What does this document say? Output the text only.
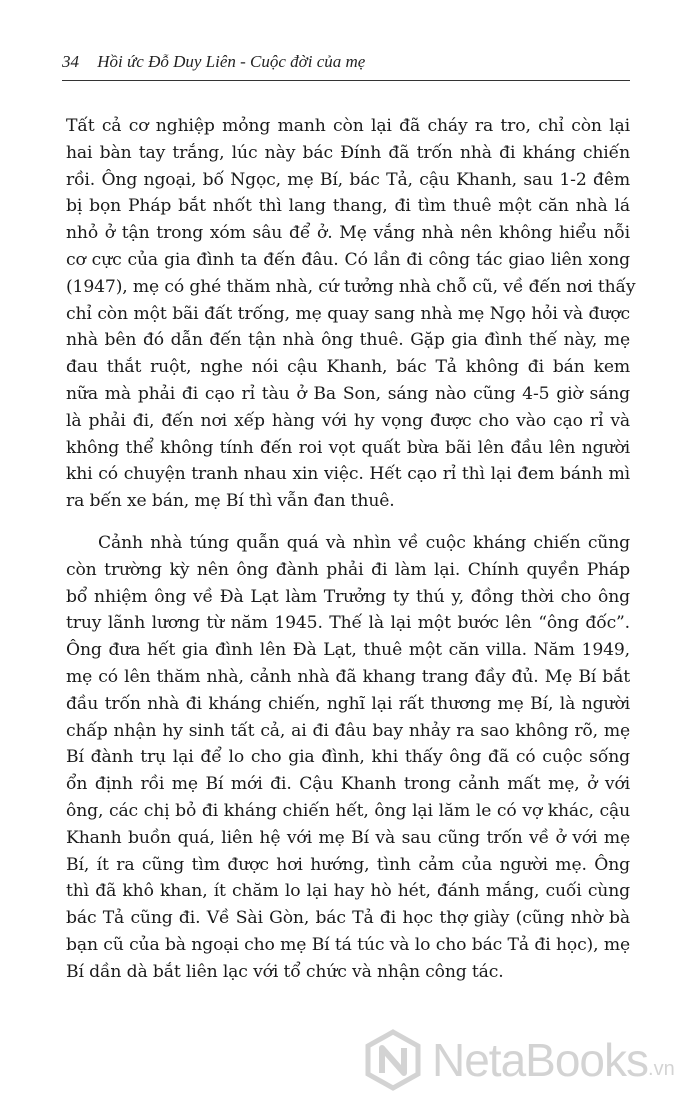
34 Hồi ức Đỗ Duy Liên - Cuộc đời của mẹ
Tất cả cơ nghiệp mỏng manh còn lại đã cháy ra tro, chỉ còn lại
hai bàn tay trắng, lúc này bác Đính đã trốn nhà đi kháng chiến
rồi. Ông ngoại, bố Ngọc, mẹ Bí, bác Tả, cậu Khanh, sau 1-2 đêm
bị bọn Pháp bắt nhốt thì lang thang, đi tìm thuê một căn nhà lá
nhỏ ở tận trong xóm sâu để ở. Mẹ vắng nhà nên không hiểu nỗi
cơ cực của gia đình ta đến đâu. Có lần đi công tác giao liên xong
(1947), mẹ có ghé thăm nhà, cứ tưởng nhà chỗ cũ, về đến nơi thấy
chỉ còn một bãi đất trống, mẹ quay sang nhà mẹ Ngọ hỏi và được
nhà bên đó dẫn đến tận nhà ông thuê. Gặp gia đình thế này, mẹ
đau thắt ruột, nghe nói cậu Khanh, bác Tả không đi bán kem
nữa mà phải đi cạo rỉ tàu ở Ba Son, sáng nào cũng 4-5 giờ sáng
là phải đi, đến nơi xếp hàng với hy vọng được cho vào cạo rỉ và
không thể không tính đến roi vọt quất bừa bãi lên đầu lên người
khi có chuyện tranh nhau xin việc. Hết cạo rỉ thì lại đem bánh mì
ra bến xe bán, mẹ Bí thì vẫn đan thuê.
Cảnh nhà túng quẫn quá và nhìn về cuộc kháng chiến cũng
còn trường kỳ nên ông đành phải đi làm lại. Chính quyền Pháp
bổ nhiệm ông về Đà Lạt làm Trưởng ty thú y, đồng thời cho ông
truy lãnh lương từ năm 1945. Thế là lại một bước lên “ông đốc”.
Ông đưa hết gia đình lên Đà Lạt, thuê một căn villa. Năm 1949,
mẹ có lên thăm nhà, cảnh nhà đã khang trang đầy đủ. Mẹ Bí bắt
đầu trốn nhà đi kháng chiến, nghĩ lại rất thương mẹ Bí, là người
chấp nhận hy sinh tất cả, ai đi đâu bay nhảy ra sao không rõ, mẹ
Bí đành trụ lại để lo cho gia đình, khi thấy ông đã có cuộc sống
ổn định rồi mẹ Bí mới đi. Cậu Khanh trong cảnh mất mẹ, ở với
ông, các chị bỏ đi kháng chiến hết, ông lại lăm le có vợ khác, cậu
Khanh buồn quá, liên hệ với mẹ Bí và sau cũng trốn về ở với mẹ
Bí, ít ra cũng tìm được hơi hướng, tình cảm của người mẹ. Ông
thì đã khô khan, ít chăm lo lại hay hò hét, đánh mắng, cuối cùng
bác Tả cũng đi. Về Sài Gòn, bác Tả đi học thợ giày (cũng nhờ bà
bạn cũ của bà ngoại cho mẹ Bí tá túc và lo cho bác Tả đi học), mẹ
Bí dần dà bắt liên lạc với tổ chức và nhận công tác.
NetaBooks .vn
